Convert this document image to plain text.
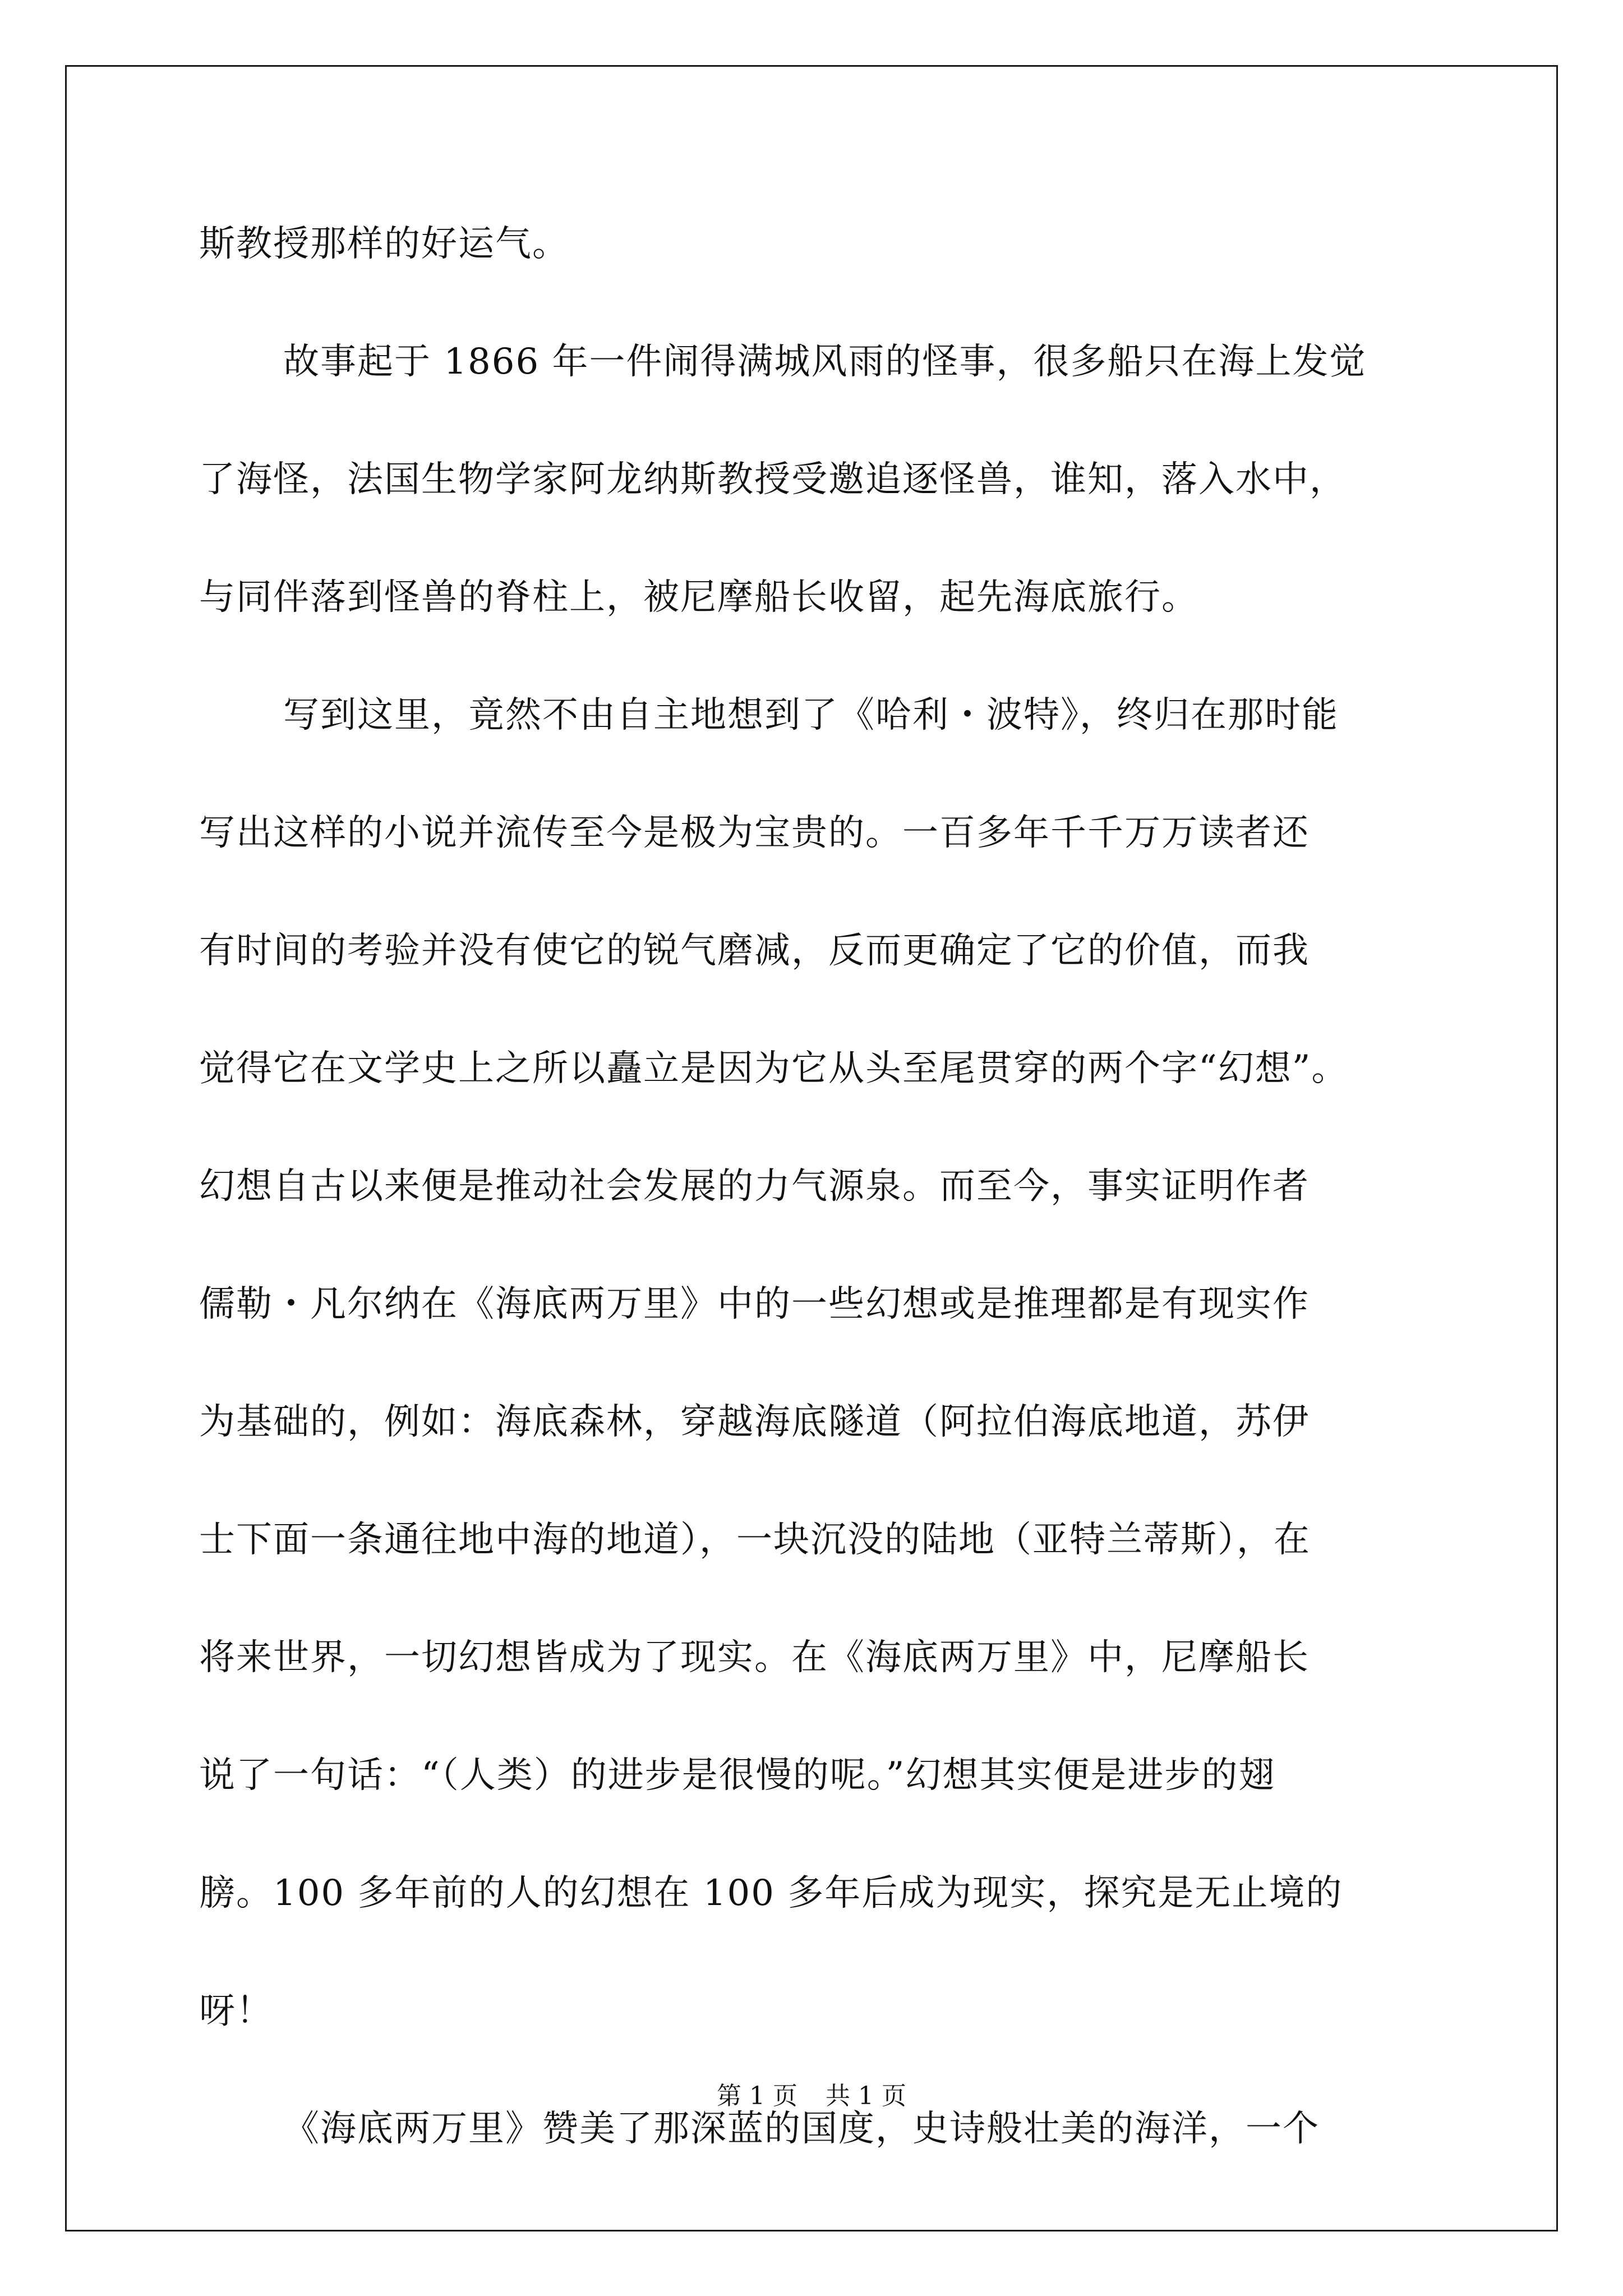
斯教授那样的好运气。
故事起于 1866 年一件闹得满城风雨的怪事，很多船只在海上发觉
了海怪，法国生物学家阿龙纳斯教授受邀追逐怪兽，谁知，落入水中，
与同伴落到怪兽的脊柱上，被尼摩船长收留，起先海底旅行。
写到这里，竟然不由自主地想到了《哈利・波特》，终归在那时能
写出这样的小说并流传至今是极为宝贵的。一百多年千千万万读者还
有时间的考验并没有使它的锐气磨减，反而更确定了它的价值，而我
觉得它在文学史上之所以矗立是因为它从头至尾贯穿的两个字“幻想”。
幻想自古以来便是推动社会发展的力气源泉。而至今，事实证明作者
儒勒・凡尔纳在《海底两万里》中的一些幻想或是推理都是有现实作
为基础的，例如：海底森林，穿越海底隧道（阿拉伯海底地道，苏伊
士下面一条通往地中海的地道），一块沉没的陆地（亚特兰蒂斯），在
将来世界，一切幻想皆成为了现实。在《海底两万里》中，尼摩船长
说了一句话：“（人类）的进步是很慢的呢。”幻想其实便是进步的翅
膀。100 多年前的人的幻想在 100 多年后成为现实，探究是无止境的
呀！
《海底两万里》赞美了那深蓝的国度，史诗般壮美的海洋，一个
第 1 页 共 1 页
